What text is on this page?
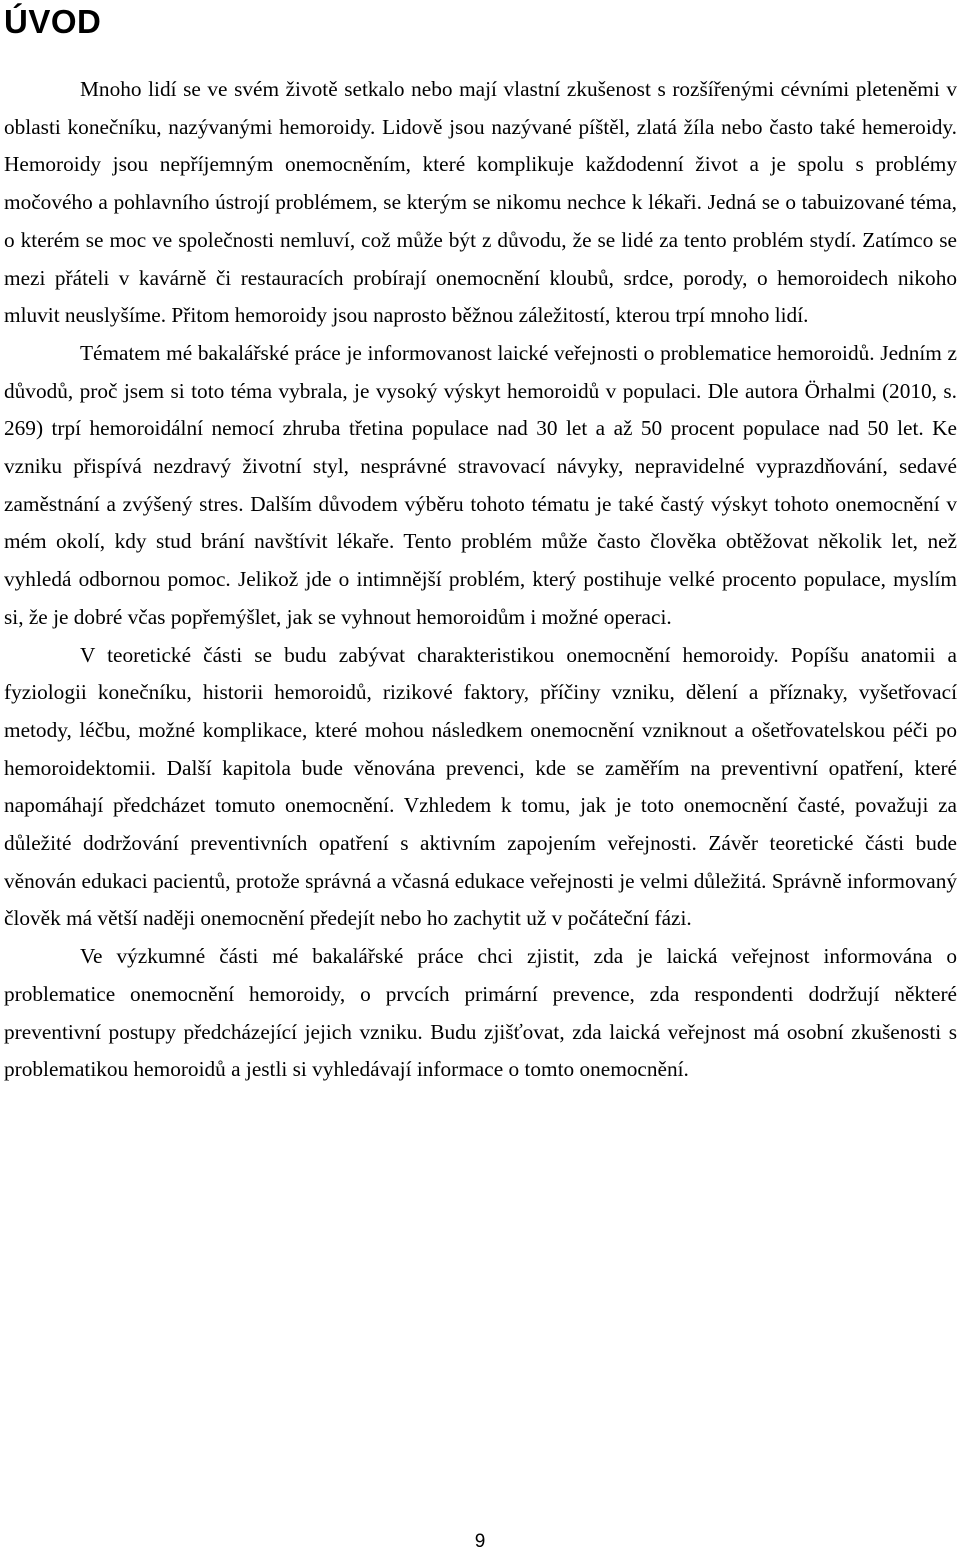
ÚVOD

Mnoho lidí se ve svém životě setkalo nebo mají vlastní zkušenost s rozšířenými cévními pleteněmi v oblasti konečníku, nazývanými hemoroidy. Lidově jsou nazývané píštěl, zlatá žíla nebo často také hemeroidy. Hemoroidy jsou nepříjemným onemocněním, které komplikuje každodenní život a je spolu s problémy močového a pohlavního ústrojí problémem, se kterým se nikomu nechce k lékaři. Jedná se o tabuizované téma, o kterém se moc ve společnosti nemluví, což může být z důvodu, že se lidé za tento problém stydí. Zatímco se mezi přáteli v kavárně či restauracích probírají onemocnění kloubů, srdce, porody, o hemoroidech nikoho mluvit neuslyšíme. Přitom hemoroidy jsou naprosto běžnou záležitostí, kterou trpí mnoho lidí.

Tématem mé bakalářské práce je informovanost laické veřejnosti o problematice hemoroidů. Jedním z důvodů, proč jsem si toto téma vybrala, je vysoký výskyt hemoroidů v populaci. Dle autora Örhalmi (2010, s. 269) trpí hemoroidální nemocí zhruba třetina populace nad 30 let a až 50 procent populace nad 50 let. Ke vzniku přispívá nezdravý životní styl, nesprávné stravovací návyky, nepravidelné vyprazdňování, sedavé zaměstnání a zvýšený stres. Dalším důvodem výběru tohoto tématu je také častý výskyt tohoto onemocnění v mém okolí, kdy stud brání navštívit lékaře. Tento problém může často člověka obtěžovat několik let, než vyhledá odbornou pomoc. Jelikož jde o intimnější problém, který postihuje velké procento populace, myslím si, že je dobré včas popřemýšlet, jak se vyhnout hemoroidům i možné operaci.

V teoretické části se budu zabývat charakteristikou onemocnění hemoroidy. Popíšu anatomii a fyziologii konečníku, historii hemoroidů, rizikové faktory, příčiny vzniku, dělení a příznaky, vyšetřovací metody, léčbu, možné komplikace, které mohou následkem onemocnění vzniknout a ošetřovatelskou péči po hemoroidektomii. Další kapitola bude věnována prevenci, kde se zaměřím na preventivní opatření, které napomáhají předcházet tomuto onemocnění. Vzhledem k tomu, jak je toto onemocnění časté, považuji za důležité dodržování preventivních opatření s aktivním zapojením veřejnosti. Závěr teoretické části bude věnován edukaci pacientů, protože správná a včasná edukace veřejnosti je velmi důležitá. Správně informovaný člověk má větší naději onemocnění předejít nebo ho zachytit už v počáteční fázi.

Ve výzkumné části mé bakalářské práce chci zjistit, zda je laická veřejnost informována o problematice onemocnění hemoroidy, o prvcích primární prevence, zda respondenti dodržují některé preventivní postupy předcházející jejich vzniku. Budu zjišťovat, zda laická veřejnost má osobní zkušenosti s problematikou hemoroidů a jestli si vyhledávají informace o tomto onemocnění.

9
